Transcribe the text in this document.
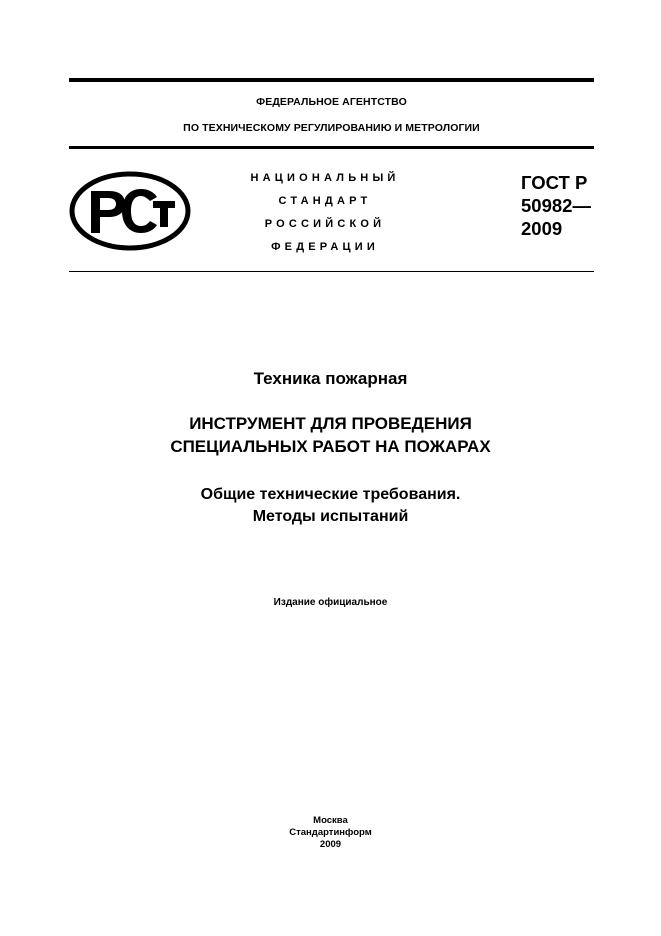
ФЕДЕРАЛЬНОЕ АГЕНТСТВО
ПО ТЕХНИЧЕСКОМУ РЕГУЛИРОВАНИЮ И МЕТРОЛОГИИ
НАЦИОНАЛЬНЫЙ
СТАНДАРТ
РОССИЙСКОЙ
ФЕДЕРАЦИИ
ГОСТ Р
50982—
2009
Техника пожарная
ИНСТРУМЕНТ ДЛЯ ПРОВЕДЕНИЯ
СПЕЦИАЛЬНЫХ РАБОТ НА ПОЖАРАХ
Общие технические требования.
Методы испытаний
Издание официальное
Москва
Стандартинформ
2009
